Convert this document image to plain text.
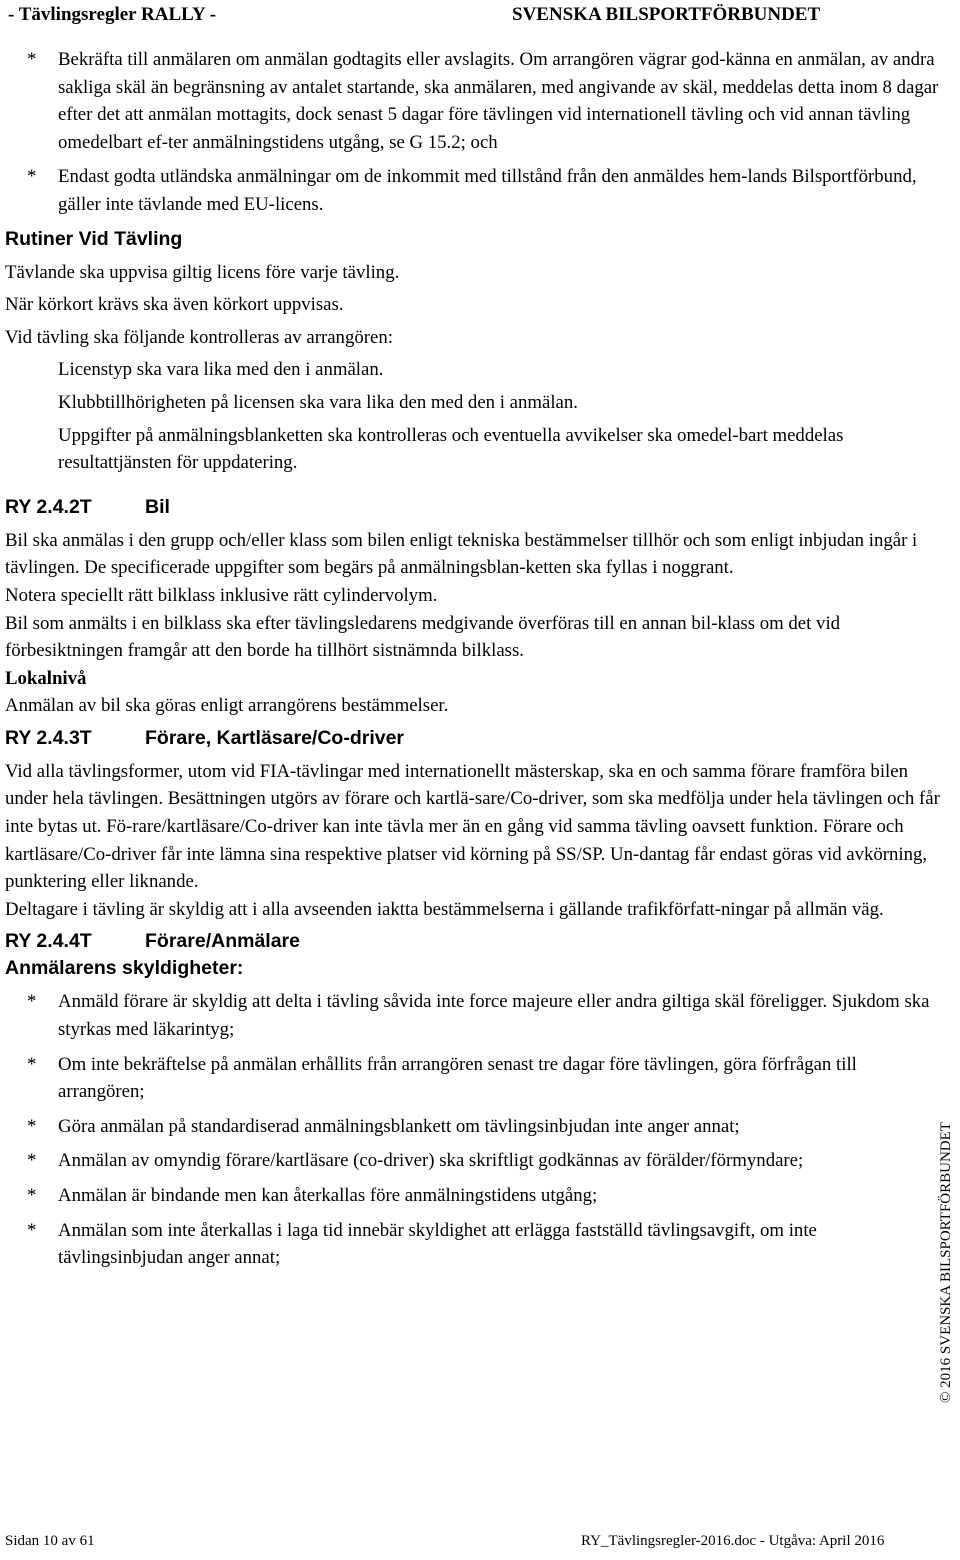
- Tävlingsregler RALLY -	SVENSKA BILSPORTFÖRBUNDET
* Bekräfta till anmälaren om anmälan godtagits eller avslagits. Om arrangören vägrar god-känna en anmälan, av andra sakliga skäl än begränsning av antalet startande, ska anmälaren, med angivande av skäl, meddelas detta inom 8 dagar efter det att anmälan mottagits, dock senast 5 dagar före tävlingen vid internationell tävling och vid annan tävling omedelbart ef-ter anmälningstidens utgång, se G 15.2; och
* Endast godta utländska anmälningar om de inkommit med tillstånd från den anmäldes hem-lands Bilsportförbund, gäller inte tävlande med EU-licens.
Rutiner Vid Tävling

Tävlande ska uppvisa giltig licens före varje tävling.

När körkort krävs ska även körkort uppvisas.

Vid tävling ska följande kontrolleras av arrangören:

Licenstyp ska vara lika med den i anmälan.

Klubbtillhörigheten på licensen ska vara lika den med den i anmälan.

Uppgifter på anmälningsblanketten ska kontrolleras och eventuella avvikelser ska omedel-bart meddelas resultattjänsten för uppdatering.

RY 2.4.2T	Bil

Bil ska anmälas i den grupp och/eller klass som bilen enligt tekniska bestämmelser tillhör och som enligt inbjudan ingår i tävlingen. De specificerade uppgifter som begärs på anmälningsblan-ketten ska fyllas i noggrant.

Notera speciellt rätt bilklass inklusive rätt cylindervolym.

Bil som anmälts i en bilklass ska efter tävlingsledarens medgivande överföras till en annan bil-klass om det vid förbesiktningen framgår att den borde ha tillhört sistnämnda bilklass.

Lokalnivå

Anmälan av bil ska göras enligt arrangörens bestämmelser.

RY 2.4.3T	Förare, Kartläsare/Co-driver

Vid alla tävlingsformer, utom vid FIA-tävlingar med internationellt mästerskap, ska en och samma förare framföra bilen under hela tävlingen. Besättningen utgörs av förare och kartlä-sare/Co-driver, som ska medfölja under hela tävlingen och får inte bytas ut. Fö-rare/kartläsare/Co-driver kan inte tävla mer än en gång vid samma tävling oavsett funktion. Förare och kartläsare/Co-driver får inte lämna sina respektive platser vid körning på SS/SP. Un-dantag får endast göras vid avkörning, punktering eller liknande.

Deltagare i tävling är skyldig att i alla avseenden iaktta bestämmelserna i gällande trafikförfatt-ningar på allmän väg.

RY 2.4.4T	Förare/Anmälare
Anmälarens skyldigheter:
* Anmäld förare är skyldig att delta i tävling såvida inte force majeure eller andra giltiga skäl föreligger. Sjukdom ska styrkas med läkarintyg;
* Om inte bekräftelse på anmälan erhållits från arrangören senast tre dagar före tävlingen, göra förfrågan till arrangören;
* Göra anmälan på standardiserad anmälningsblankett om tävlingsinbjudan inte anger annat;
* Anmälan av omyndig förare/kartläsare (co-driver) ska skriftligt godkännas av förälder/förmyndare;
* Anmälan är bindande men kan återkallas före anmälningstidens utgång;
* Anmälan som inte återkallas i laga tid innebär skyldighet att erlägga fastställd tävlingsavgift, om inte tävlingsinbjudan anger annat;	© 2016 SVENSKA BILSPORTFÖRBUNDET
Sidan 10 av 61	RY_Tävlingsregler-2016.doc - Utgåva: April 2016
